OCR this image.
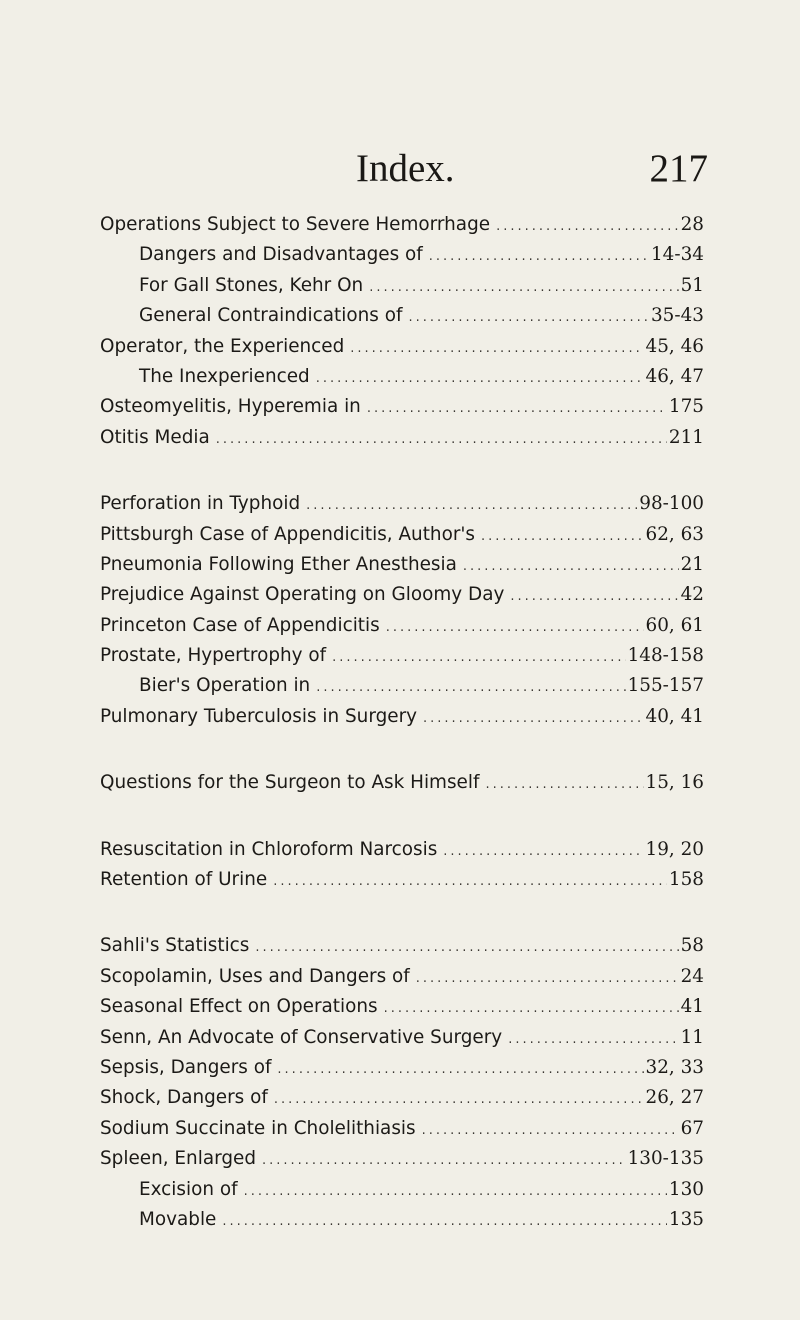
Index.	217
Operations Subject to Severe Hemorrhage .....	28
Dangers and Disadvantages of .....	14-34
For Gall Stones, Kehr On .....	51
General Contraindications of .....	35-43
Operator, the Experienced .....	45, 46
The Inexperienced .....	46, 47
Osteomyelitis, Hyperemia in .....	175
Otitis Media .....	211
Perforation in Typhoid .....	98-100
Pittsburgh Case of Appendicitis, Author's .....	62, 63
Pneumonia Following Ether Anesthesia .....	21
Prejudice Against Operating on Gloomy Day .....	42
Princeton Case of Appendicitis .....	60, 61
Prostate, Hypertrophy of .....	148-158
Bier's Operation in .....	155-157
Pulmonary Tuberculosis in Surgery .....	40, 41
Questions for the Surgeon to Ask Himself .....	15, 16
Resuscitation in Chloroform Narcosis .....	19, 20
Retention of Urine .....	158
Sahli's Statistics .....	58
Scopolamin, Uses and Dangers of .....	24
Seasonal Effect on Operations .....	41
Senn, An Advocate of Conservative Surgery .....	11
Sepsis, Dangers of .....	32, 33
Shock, Dangers of .....	26, 27
Sodium Succinate in Cholelithiasis .....	67
Spleen, Enlarged .....	130-135
Excision of .....	130
Movable .....	135
